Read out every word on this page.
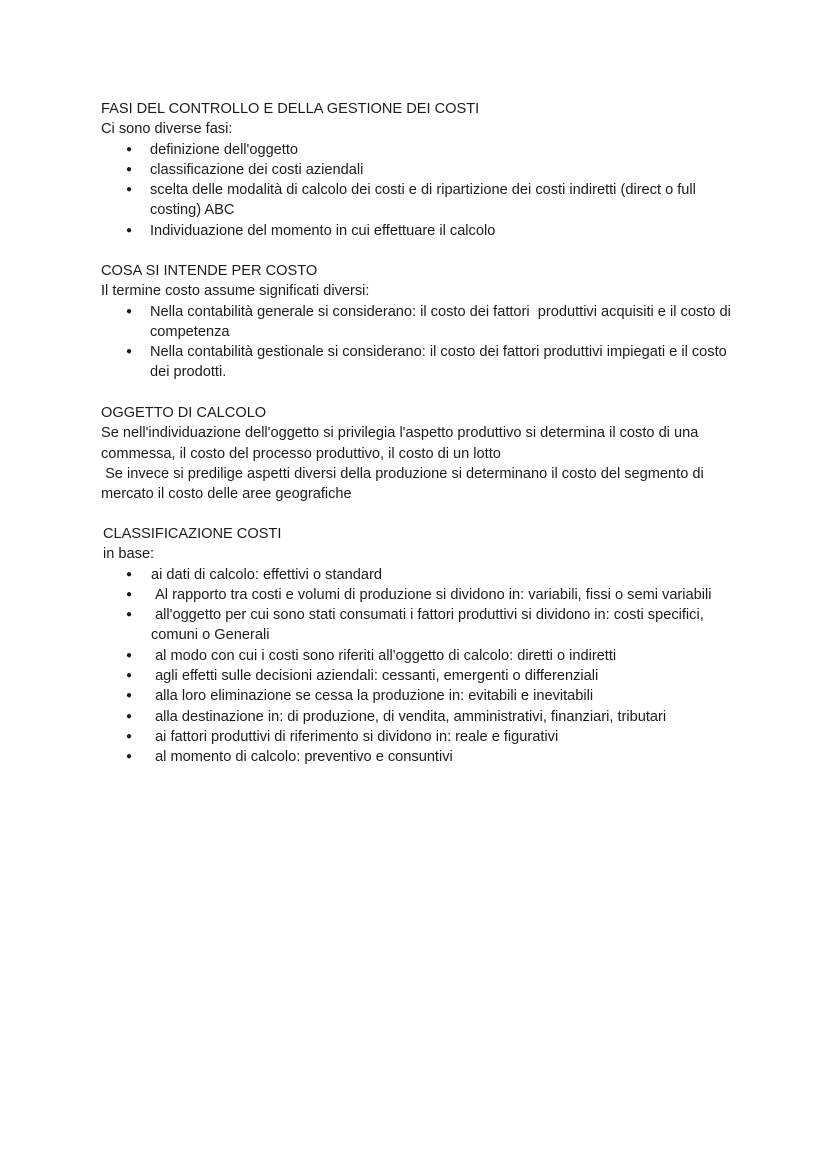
FASI DEL CONTROLLO E DELLA GESTIONE DEI COSTI
Ci sono diverse fasi:
● definizione dell'oggetto
● classificazione dei costi aziendali
● scelta delle modalità di calcolo dei costi e di ripartizione dei costi indiretti (direct o full costing) ABC
● Individuazione del momento in cui effettuare il calcolo
COSA SI INTENDE PER COSTO
Il termine costo assume significati diversi:
● Nella contabilità generale si considerano: il costo dei fattori  produttivi acquisiti e il costo di competenza
● Nella contabilità gestionale si considerano: il costo dei fattori produttivi impiegati e il costo dei prodotti.
OGGETTO DI CALCOLO
Se nell'individuazione dell'oggetto si privilegia l'aspetto produttivo si determina il costo di una commessa, il costo del processo produttivo, il costo di un lotto
Se invece si predilige aspetti diversi della produzione si determinano il costo del segmento di mercato il costo delle aree geografiche
CLASSIFICAZIONE COSTI
in base:
● ai dati di calcolo: effettivi o standard
●  Al rapporto tra costi e volumi di produzione si dividono in: variabili, fissi o semi variabili
●  all'oggetto per cui sono stati consumati i fattori produttivi si dividono in: costi specifici, comuni o Generali
●  al modo con cui i costi sono riferiti all'oggetto di calcolo: diretti o indiretti
●  agli effetti sulle decisioni aziendali: cessanti, emergenti o differenziali
●  alla loro eliminazione se cessa la produzione in: evitabili e inevitabili
●  alla destinazione in: di produzione, di vendita, amministrativi, finanziari, tributari
●  ai fattori produttivi di riferimento si dividono in: reale e figurativi
●  al momento di calcolo: preventivo e consuntivi
